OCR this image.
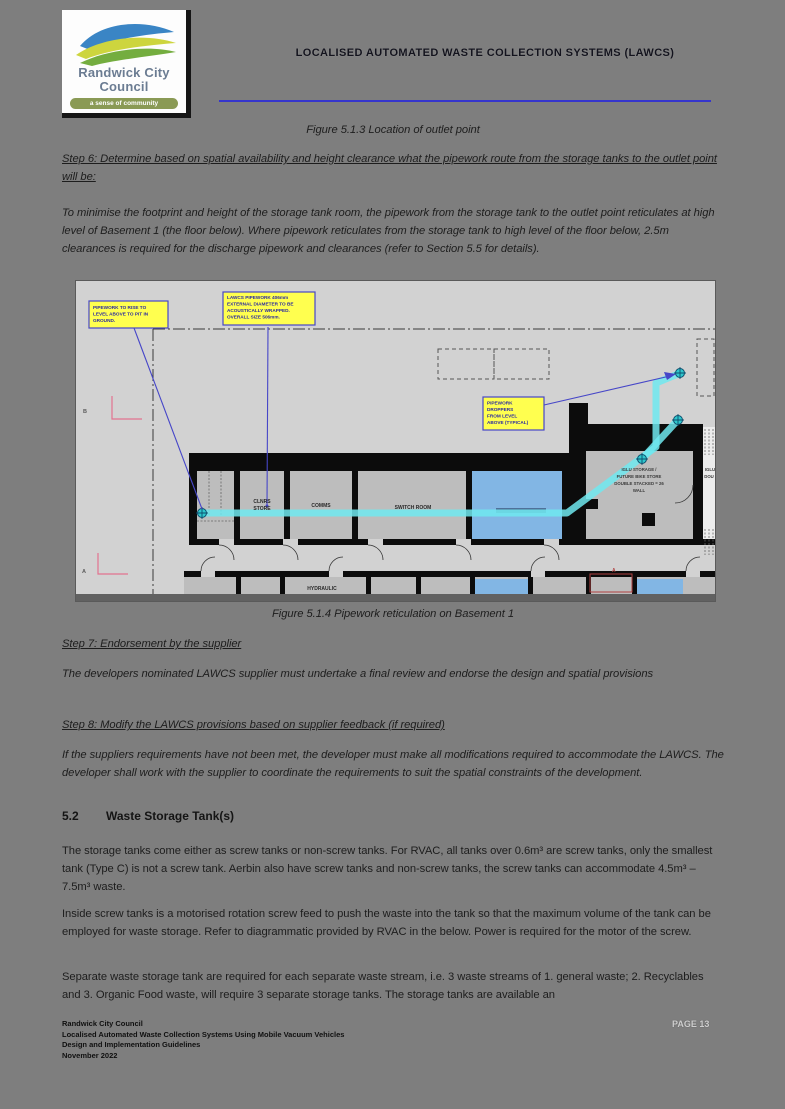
Randwick City
Council
a sense of community
LOCALISED AUTOMATED WASTE COLLECTION SYSTEMS (LAWCS)
Figure 5.1.3 Location of outlet point
Step 6: Determine based on spatial availability and height clearance what the pipework route from the storage tanks to the outlet point will be:
To minimise the footprint and height of the storage tank room, the pipework from the storage tank to the outlet point reticulates at high level of Basement 1 (the floor below). Where pipework reticulates from the storage tank to high level of the floor below, 2.5m clearances is required for the discharge pipework and clearances (refer to Section 5.5 for details).
PIPEWORK TO RISE TO
LEVEL ABOVE TO PIT IN
GROUND.
LAWCS PIPEWORK 406mm
EXTERNAL DIAMETER TO BE
ACOUSTICALLY WRAPPED.
OVERALL SIZE 506mm.
PIPEWORK
DROPPERS
FROM LEVEL
ABOVE (TYPICAL)
CLNRS
STORE	COMMS	SWITCH ROOM
IGLU STORAGE /
FUTURE BIKE STORE
DOUBLE STACKED = 26
WALL
IGLU
DOU
HYDRAULIC
B
A	A
Figure 5.1.4 Pipework reticulation on Basement 1
Step 7: Endorsement by the supplier
The developers nominated LAWCS supplier must undertake a final review and endorse the design and spatial provisions
Step 8: Modify the LAWCS provisions based on supplier feedback (if required)
If the suppliers requirements have not been met, the developer must make all modifications required to accommodate the LAWCS. The developer shall work with the supplier to coordinate the requirements to suit the spatial constraints of the development.
5.2 Waste Storage Tank(s)
The storage tanks come either as screw tanks or non-screw tanks. For RVAC, all tanks over 0.6m³ are screw tanks, only the smallest tank (Type C) is not a screw tank. Aerbin also have screw tanks and non-screw tanks, the screw tanks can accommodate 4.5m³ – 7.5m³ waste.
Inside screw tanks is a motorised rotation screw feed to push the waste into the tank so that the maximum volume of the tank can be employed for waste storage. Refer to diagrammatic provided by RVAC in the below. Power is required for the motor of the screw.
Separate waste storage tank are required for each separate waste stream, i.e. 3 waste streams of 1. general waste; 2. Recyclables and 3. Organic Food waste, will require 3 separate storage tanks. The storage tanks are available an
Randwick City Council
Localised Automated Waste Collection Systems Using Mobile Vacuum Vehicles
Design and Implementation Guidelines
November 2022
PAGE 13
